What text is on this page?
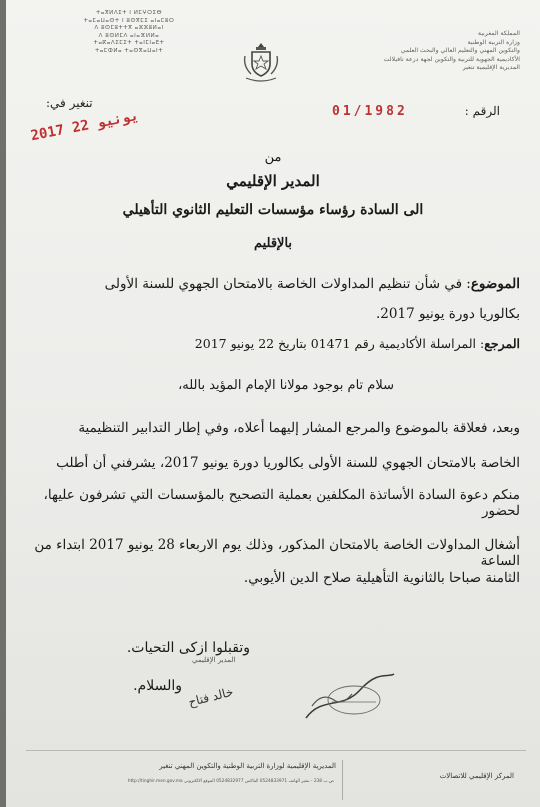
ⵜⴰⴳⵍⴷⵉⵜ ⵏ ⵍⵎⵖⵔⵉⴱ
ⵜⴰⵎⴰⵡⴰⵙⵜ ⵏ ⵓⵙⴳⵎⵉ ⴰⵏⴰⵎⵓⵔ
ⴷ ⵓⵙⵎⵓⵜⵜⴳ ⴰⵣⵣⵓⵍⴰⵏ
ⴷ ⵓⵙⵍⵎⴷ ⴰⵏⴰⴼⵍⵍⴰ
ⵜⴰⴽⴰⴷⵉⵎⵉⵜ ⵜⴰⵏⵎⵏⴰⴹⵜ
ⵜⴰⵎⵀⵍⴰ ⵜⴰⵙⴳⴰⵡⴰⵏⵜ
المملكة المغربية
وزارة التربية الوطنية
والتكوين المهني والتعليم العالي والبحث العلمي
الأكاديمية الجهوية للتربية والتكوين لجهة درعة تافيلالت
المديرية الإقليمية تنغير
الرقم :
01/1982
تنغير في:
2017 يونيو 22
من
المدير الإقليمي
الى السادة رؤساء مؤسسات التعليم الثانوي التأهيلي
بالإقليم
الموضوع: في شأن تنظيم المداولات الخاصة بالامتحان الجهوي للسنة الأولى
بكالوريا دورة يونيو 2017.
المرجع: المراسلة الأكاديمية رقم 01471 بتاريخ 22 يونيو 2017
سلام تام بوجود مولانا الإمام المؤيد بالله،
وبعد، فعلاقة بالموضوع والمرجع المشار إليهما أعلاه، وفي إطار التدابير التنظيمية
الخاصة بالامتحان الجهوي للسنة الأولى بكالوريا دورة يونيو 2017، يشرفني أن أطلب
منكم دعوة السادة الأساتذة المكلفين بعملية التصحيح بالمؤسسات التي تشرفون عليها، لحضور
أشغال المداولات الخاصة بالامتحان المذكور، وذلك يوم الاربعاء 28 يونيو 2017 ابتداء من الساعة
الثامنة صباحا بالثانوية التأهيلية صلاح الدين الأيوبي.
وتقبلوا ازكى التحيات.
والسلام.
المدير الإقليمي
خالد فتاح
المديرية الإقليمية لوزارة التربية الوطنية والتكوين المهني تنغير
ص.ب 238 - تنغير الهاتف 0524833971 الفاكس 0524832977 الموقع الالكتروني http://tinghir.men.gov.ma
المركز الإقليمي للاتصالات
